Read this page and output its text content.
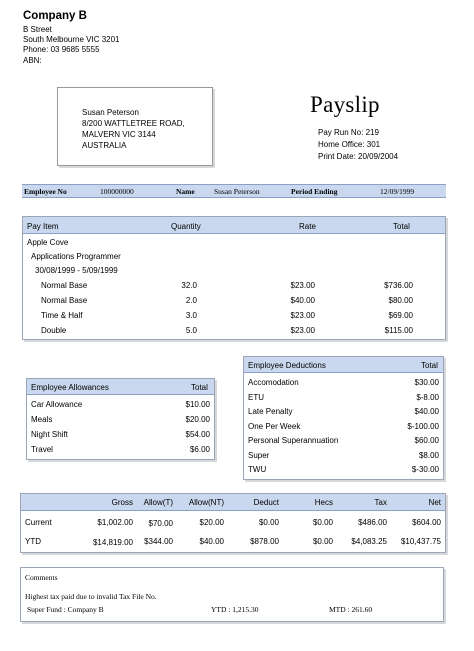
Company B
B Street
South Melbourne VIC 3201
Phone: 03 9685 5555
ABN:
Susan Peterson
8/200 WATTLETREE ROAD,
MALVERN VIC 3144
AUSTRALIA
Payslip
Pay Run No: 219
Home Office: 301
Print Date: 20/09/2004
Employee No	100000000	Name	Susan Peterson	Period Ending	12/09/1999
Pay Item	Quantity	Rate	Total
Apple Cove
Applications Programmer
30/08/1999 - 5/09/1999
Normal Base	32.0	$23.00	$736.00
Normal Base	2.0	$40.00	$80.00
Time & Half	3.0	$23.00	$69.00
Double	5.0	$23.00	$115.00
Employee Allowances	Total
Car Allowance	$10.00
Meals	$20.00
Night Shift	$54.00
Travel	$6.00
Employee Deductions	Total
Accomodation	$30.00
ETU	$-8.00
Late Penalty	$40.00
One Per Week	$-100.00
Personal Superannuation	$60.00
Super	$8.00
TWU	$-30.00
Gross	Allow(T)	Allow(NT)	Deduct	Hecs	Tax	Net
Current	$1,002.00	$70.00	$20.00	$0.00	$0.00	$486.00	$604.00
YTD	$14,819.00	$344.00	$40.00	$878.00	$0.00	$4,083.25	$10,437.75
Comments
Highest tax paid due to invalid Tax File No.
Super Fund : Company B	YTD : 1,215.30	MTD : 261.60
